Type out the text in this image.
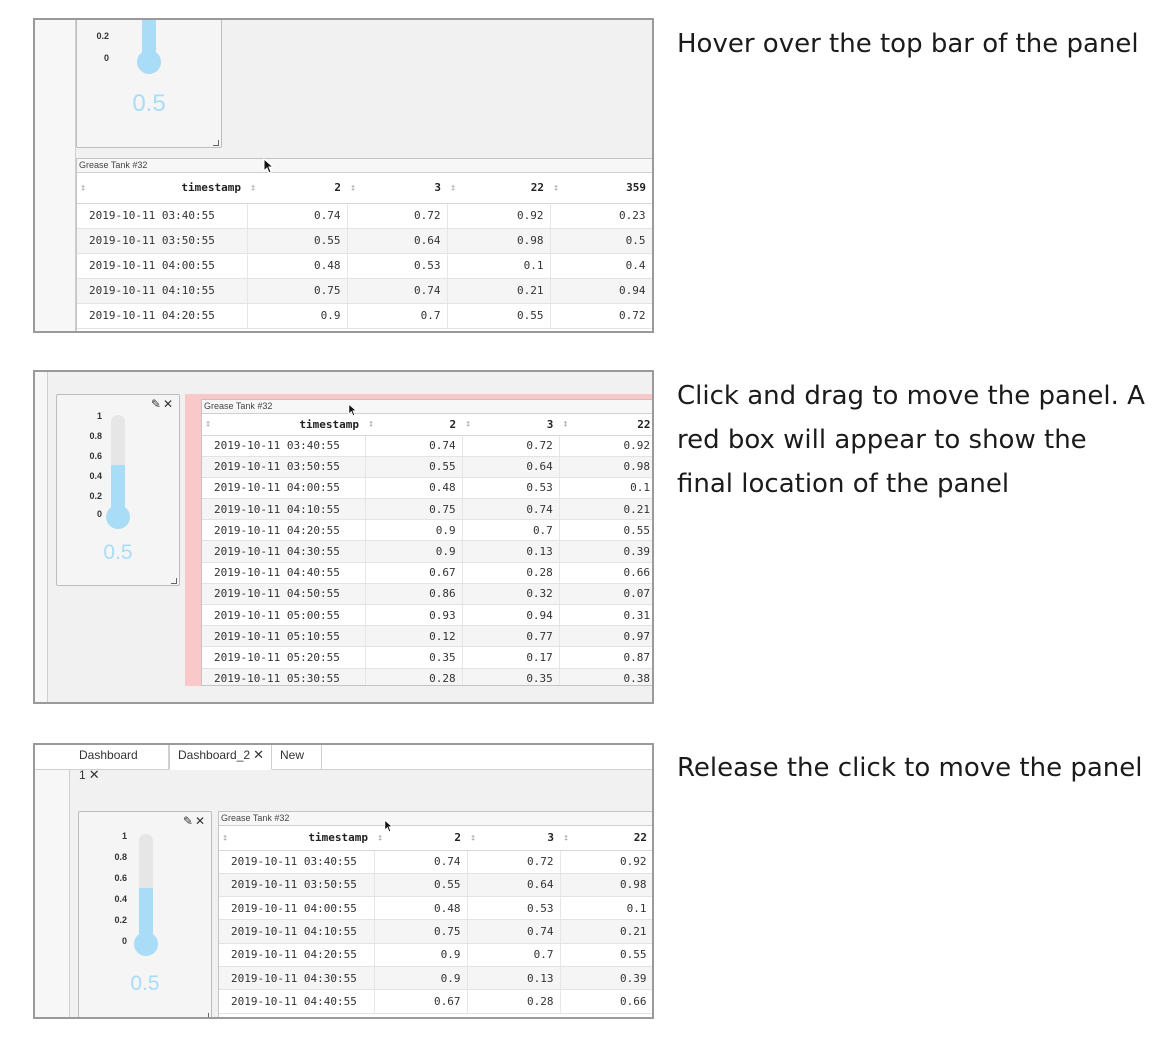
0.2
0
0.5
Grease Tank #32
↕ timestamp	↕ 2	↕ 3	↕ 22	↕ 359
2019-10-11 03:40:55	0.74	0.72	0.92	0.23
2019-10-11 03:50:55	0.55	0.64	0.98	0.5
2019-10-11 04:00:55	0.48	0.53	0.1	0.4
2019-10-11 04:10:55	0.75	0.74	0.21	0.94
2019-10-11 04:20:55	0.9	0.7	0.55	0.72
Hover over the top bar of the panel
✎✕
1
0.8
0.6
0.4
0.2
0
0.5
Grease Tank #32
↕ timestamp	↕ 2	↕ 3	↕ 22
2019-10-11 03:40:55	0.74	0.72	0.92
2019-10-11 03:50:55	0.55	0.64	0.98
2019-10-11 04:00:55	0.48	0.53	0.1
2019-10-11 04:10:55	0.75	0.74	0.21
2019-10-11 04:20:55	0.9	0.7	0.55
2019-10-11 04:30:55	0.9	0.13	0.39
2019-10-11 04:40:55	0.67	0.28	0.66
2019-10-11 04:50:55	0.86	0.32	0.07
2019-10-11 05:00:55	0.93	0.94	0.31
2019-10-11 05:10:55	0.12	0.77	0.97
2019-10-11 05:20:55	0.35	0.17	0.87
2019-10-11 05:30:55	0.28	0.35	0.38
Click and drag to move the panel. A red box will appear to show the final location of the panel
Dashboard 1 ✕
Dashboard_2 ✕	New
✎✕
1
0.8
0.6
0.4
0.2
0
0.5
Grease Tank #32
↕ timestamp	↕ 2	↕ 3	↕ 22
2019-10-11 03:40:55	0.74	0.72	0.92
2019-10-11 03:50:55	0.55	0.64	0.98
2019-10-11 04:00:55	0.48	0.53	0.1
2019-10-11 04:10:55	0.75	0.74	0.21
2019-10-11 04:20:55	0.9	0.7	0.55
2019-10-11 04:30:55	0.9	0.13	0.39
2019-10-11 04:40:55	0.67	0.28	0.66
Release the click to move the panel
